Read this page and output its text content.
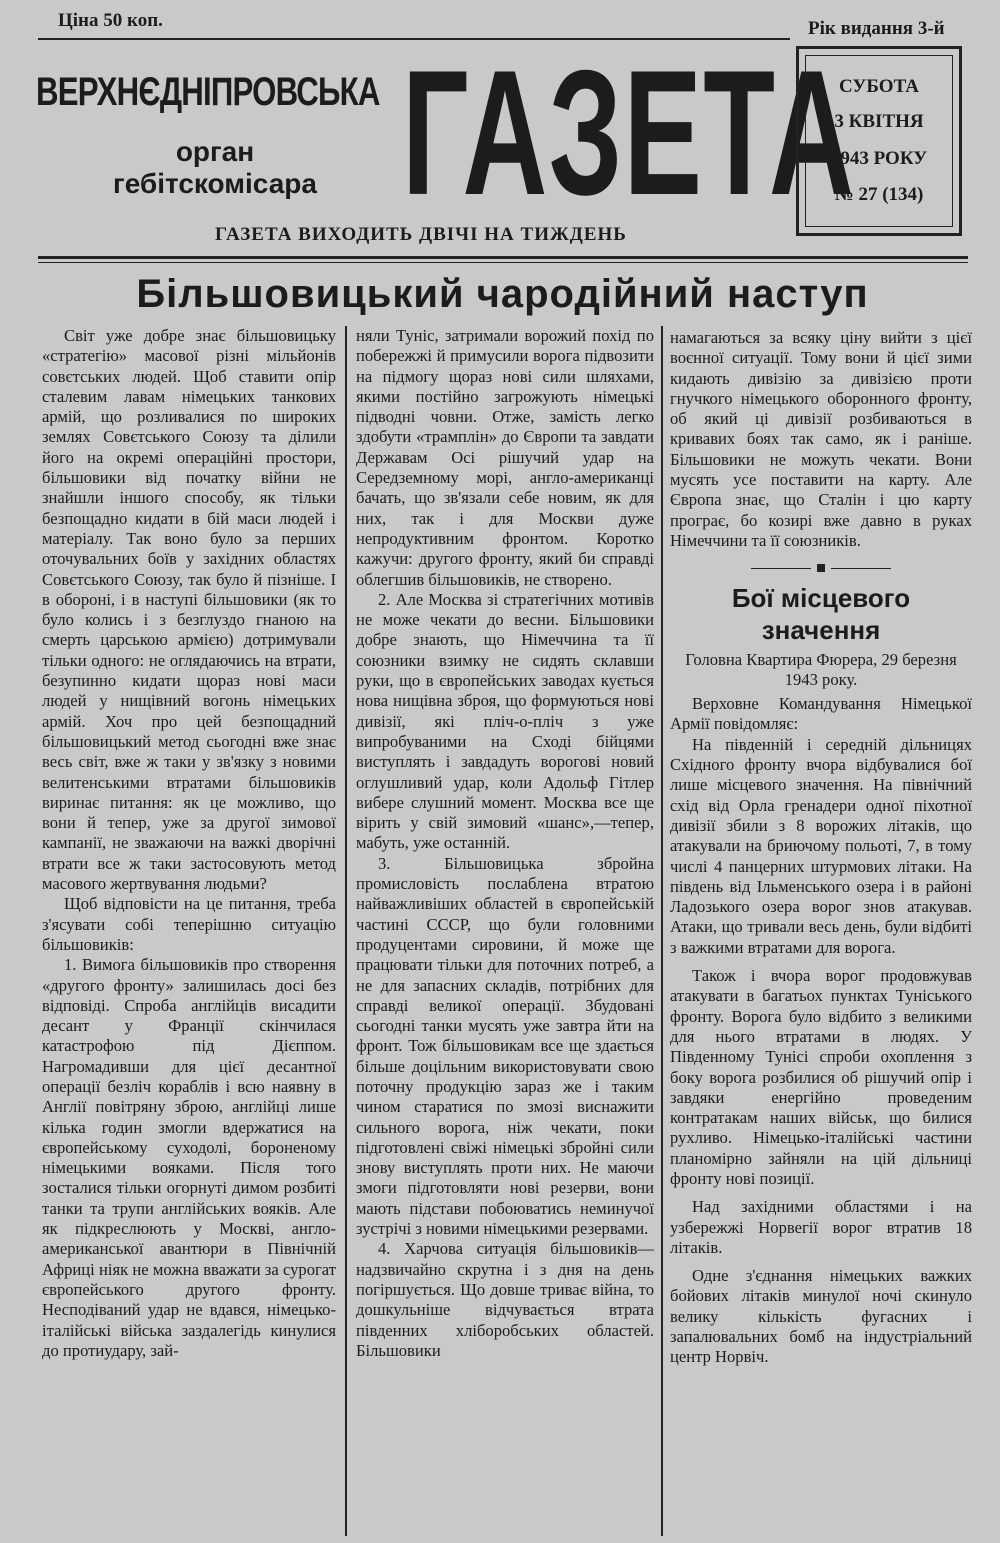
Ціна 50 коп.	Рік видання 3-й
ВЕРХНЄДНІПРОВСЬКА
орган
гебітскомісара ГАЗЕТА
ГАЗЕТА ВИХОДИТЬ ДВІЧІ НА ТИЖДЕНЬ
СУБОТА
3 КВІТНЯ
1943 РОКУ
№ 27 (134)
Більшовицький чародійний наступ

Світ уже добре знає більшовицьку «стратегію» масової різні мільйонів совєтських людей. Щоб ставити опір сталевим лавам німецьких танкових армій, що розливалися по широких землях Совєтського Союзу та ділили його на окремі операційні простори, більшовики від початку війни не знайшли іншого способу, як тільки безпощадно кидати в бій маси людей і матеріалу. Так воно було за перших оточувальних боїв у західних областях Совєтського Союзу, так було й пізніше. І в обороні, і в наступі більшовики (як то було колись і з безглуздо гнаною на смерть царською армією) дотримували тільки одного: не оглядаючись на втрати, безупинно кидати щораз нові маси людей у нищівний вогонь німецьких армій. Хоч про цей безпощадний більшовицький метод сьогодні вже знає весь світ, вже ж таки у зв'язку з новими велитенськими втратами більшовиків виринає питання: як це можливо, що вони й тепер, уже за другої зимової кампанії, не зважаючи на важкі дворічні втрати все ж таки застосовують метод масового жертвування людьми?

Щоб відповісти на це питання, треба з'ясувати собі теперішню ситуацію більшовиків:

1. Вимога більшовиків про створення «другого фронту» залишилась досі без відповіді. Спроба англійців висадити десант у Франції скінчилася катастрофою під Дієппом. Нагромадивши для цієї десантної операції безліч кораблів і всю наявну в Англії повітряну зброю, англійці лише кілька годин змогли вдержатися на європейському суходолі, бороненому німецькими вояками. Після того зосталися тільки огорнуті димом розбиті танки та трупи англійських вояків. Але як підкреслюють у Москві, англо-американської авантюри в Північній Африці ніяк не можна вважати за сурогат європейського другого фронту. Несподіваний удар не вдався, німецько-італійські війська заздалегідь кинулися до протиудару, зай-

няли Туніс, затримали ворожий похід по побережжі й примусили ворога підвозити на підмогу щораз нові сили шляхами, якими постійно загрожують німецькі підводні човни. Отже, замість легко здобути «трамплін» до Європи та завдати Державам Осі рішучий удар на Середземному морі, англо-американці бачать, що зв'язали себе новим, як для них, так і для Москви дуже непродуктивним фронтом. Коротко кажучи: другого фронту, який би справді облегшив більшовиків, не створено.

2. Але Москва зі стратегічних мотивів не може чекати до весни. Більшовики добре знають, що Німеччина та її союзники взимку не сидять склавши руки, що в європейських заводах кується нова нищівна зброя, що формуються нові дивізії, які пліч-о-пліч з уже випробуваними на Сході бійцями виступлять і завдадуть ворогові новий оглушливий удар, коли Адольф Гітлер вибере слушний момент. Москва все ще вірить у свій зимовий «шанс»,—тепер, мабуть, уже останній.

3. Більшовицька збройна промисловість послаблена втратою найважливіших областей в європейській частині СССР, що були головними продуцентами сировини, й може ще працювати тільки для поточних потреб, а не для запасних складів, потрібних для справді великої операції. Збудовані сьогодні танки мусять уже завтра йти на фронт. Тож більшовикам все ще здається більше доцільним використовувати свою поточну продукцію зараз же і таким чином старатися по змозі виснажити сильного ворога, ніж чекати, поки підготовлені свіжі німецькі збройні сили знову виступлять проти них. Не маючи змоги підготовляти нові резерви, вони мають підстави побоюватись неминучої зустрічі з новими німецькими резервами.

4. Харчова ситуація більшовиків—надзвичайно скрутна і з дня на день погіршується. Що довше триває війна, то дошкульніше відчувається втрата південних хліборобських областей. Більшовики

намагаються за всяку ціну вийти з цієї воєнної ситуації. Тому вони й цієї зими кидають дивізію за дивізією проти гнучкого німецького оборонного фронту, об який ці дивізії розбиваються в кривавих боях так само, як і раніше. Більшовики не можуть чекати. Вони мусять усе поставити на карту. Але Європа знає, що Сталін і цю карту програє, бо козирі вже давно в руках Німеччини та її союзників.

Бої місцевого значення
Головна Квартира Фюрера, 29 березня 1943 року.

Верховне Командування Німецької Армії повідомляє:

На південній і середній дільницях Східного фронту вчора відбувалися бої лише місцевого значення. На північний схід від Орла гренадери одної піхотної дивізії збили з 8 ворожих літаків, що атакували на бриючому польоті, 7, в тому числі 4 панцерних штурмових літаки. На південь від Ільменського озера і в районі Ладозького озера ворог знов атакував. Атаки, що тривали весь день, були відбиті з важкими втратами для ворога.

Також і вчора ворог продовжував атакувати в багатьох пунктах Туніського фронту. Ворога було відбито з великими для нього втратами в людях. У Південному Тунісі спроби охоплення з боку ворога розбилися об рішучий опір і завдяки енергійно проведеним контратакам наших військ, що билися рухливо. Німецько-італійські частини планомірно зайняли на цій дільниці фронту нові позиції.

Над західними областями і на узбережжі Норвегії ворог втратив 18 літаків.

Одне з'єднання німецьких важких бойових літаків минулої ночі скинуло велику кількість фугасних і запалювальних бомб на індустріальний центр Норвіч.
